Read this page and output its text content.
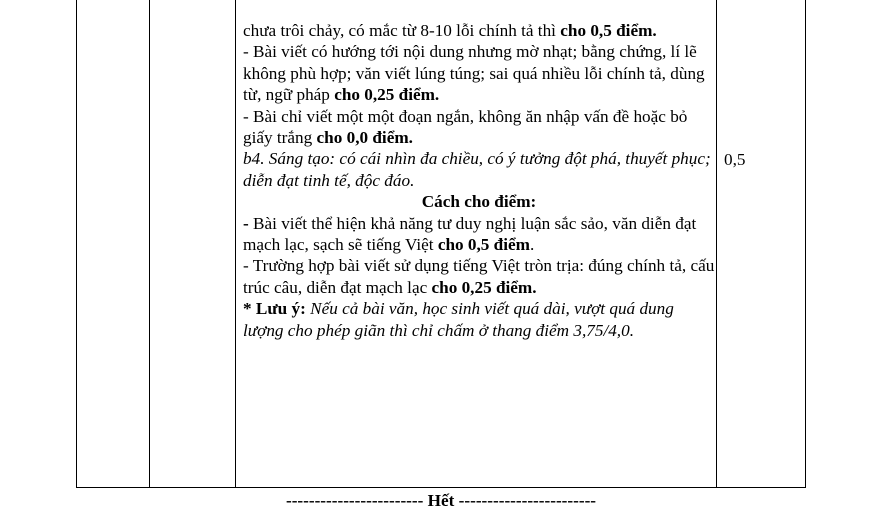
chưa trôi chảy, có mắc từ 8-10 lỗi chính tả thì cho 0,5 điểm.

- Bài viết có hướng tới nội dung nhưng mờ nhạt; bằng chứng, lí lẽ không phù hợp; văn viết lúng túng; sai quá nhiều lỗi chính tả, dùng từ, ngữ pháp cho 0,25 điểm.

- Bài chỉ viết một một đoạn ngắn, không ăn nhập vấn đề hoặc bỏ giấy trắng cho 0,0 điểm.

b4. Sáng tạo: có cái nhìn đa chiều, có ý tưởng đột phá, thuyết phục; diễn đạt tinh tế, độc đáo.

Cách cho điểm:

- Bài viết thể hiện khả năng tư duy nghị luận sắc sảo, văn diễn đạt mạch lạc, sạch sẽ tiếng Việt cho 0,5 điểm.

- Trường hợp bài viết sử dụng tiếng Việt tròn trịa: đúng chính tả, cấu trúc câu, diễn đạt mạch lạc cho 0,25 điểm.

* Lưu ý: Nếu cả bài văn, học sinh viết quá dài, vượt quá dung lượng cho phép giãn thì chỉ chấm ở thang điểm 3,75/4,0.

0,5
------------------------ Hết ------------------------
